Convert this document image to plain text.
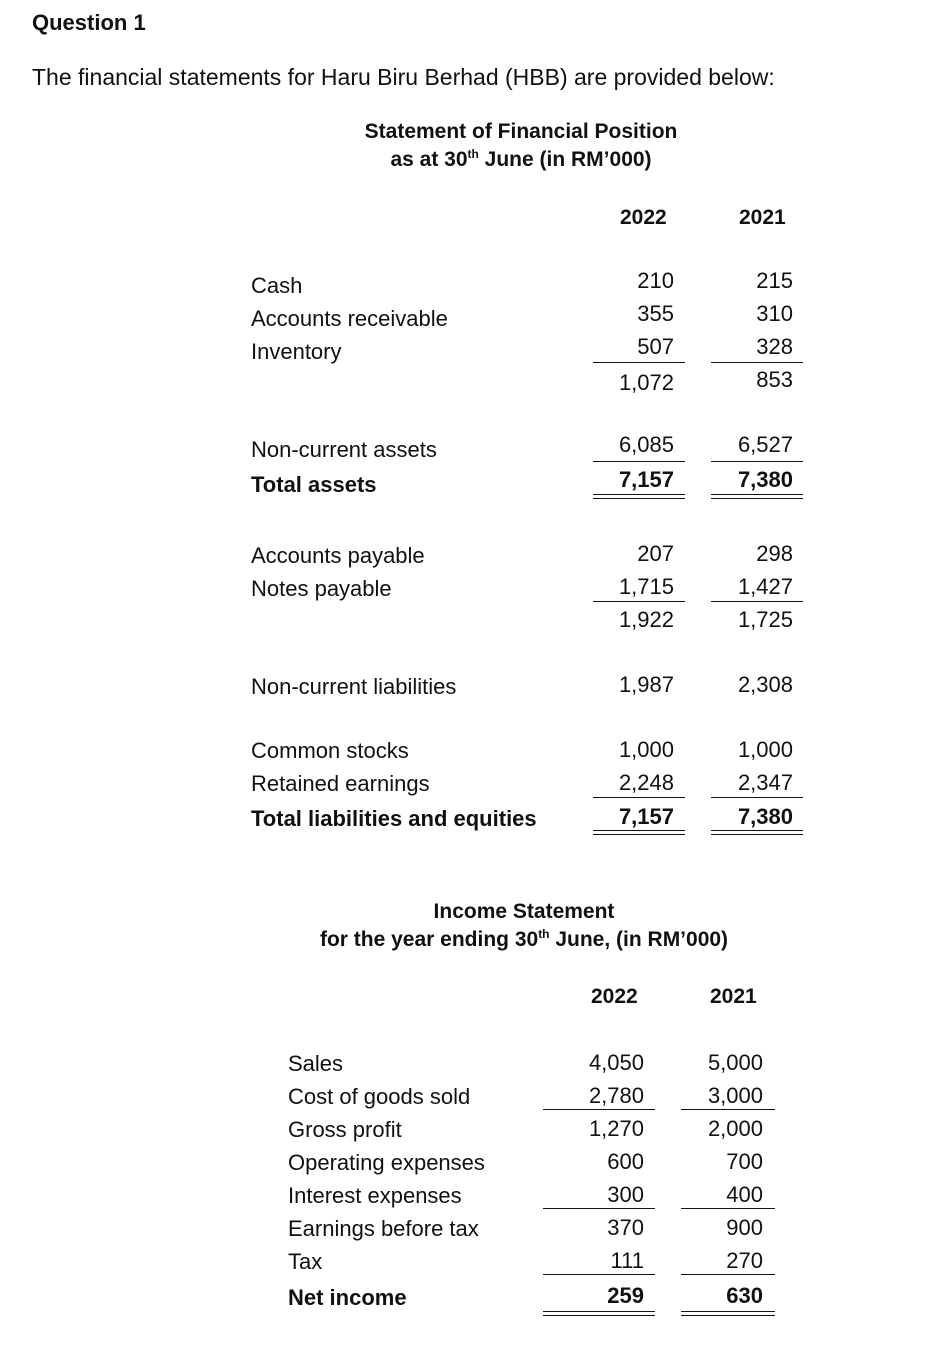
Question 1
The financial statements for Haru Biru Berhad (HBB) are provided below:
Statement of Financial Position
as at 30th June (in RM’000)
2022	2021
Cash	210	215
Accounts receivable	355	310
Inventory	507	328
1,072	853
Non-current assets	6,085	6,527
Total assets	7,157	7,380
Accounts payable	207	298
Notes payable	1,715	1,427
1,922	1,725
Non-current liabilities	1,987	2,308
Common stocks	1,000	1,000
Retained earnings	2,248	2,347
Total liabilities and equities	7,157	7,380
Income Statement
for the year ending 30th June, (in RM’000)
2022	2021
Sales	4,050	5,000
Cost of goods sold	2,780	3,000
Gross profit	1,270	2,000
Operating expenses	600	700
Interest expenses	300	400
Earnings before tax	370	900
Tax	111	270
Net income	259	630
